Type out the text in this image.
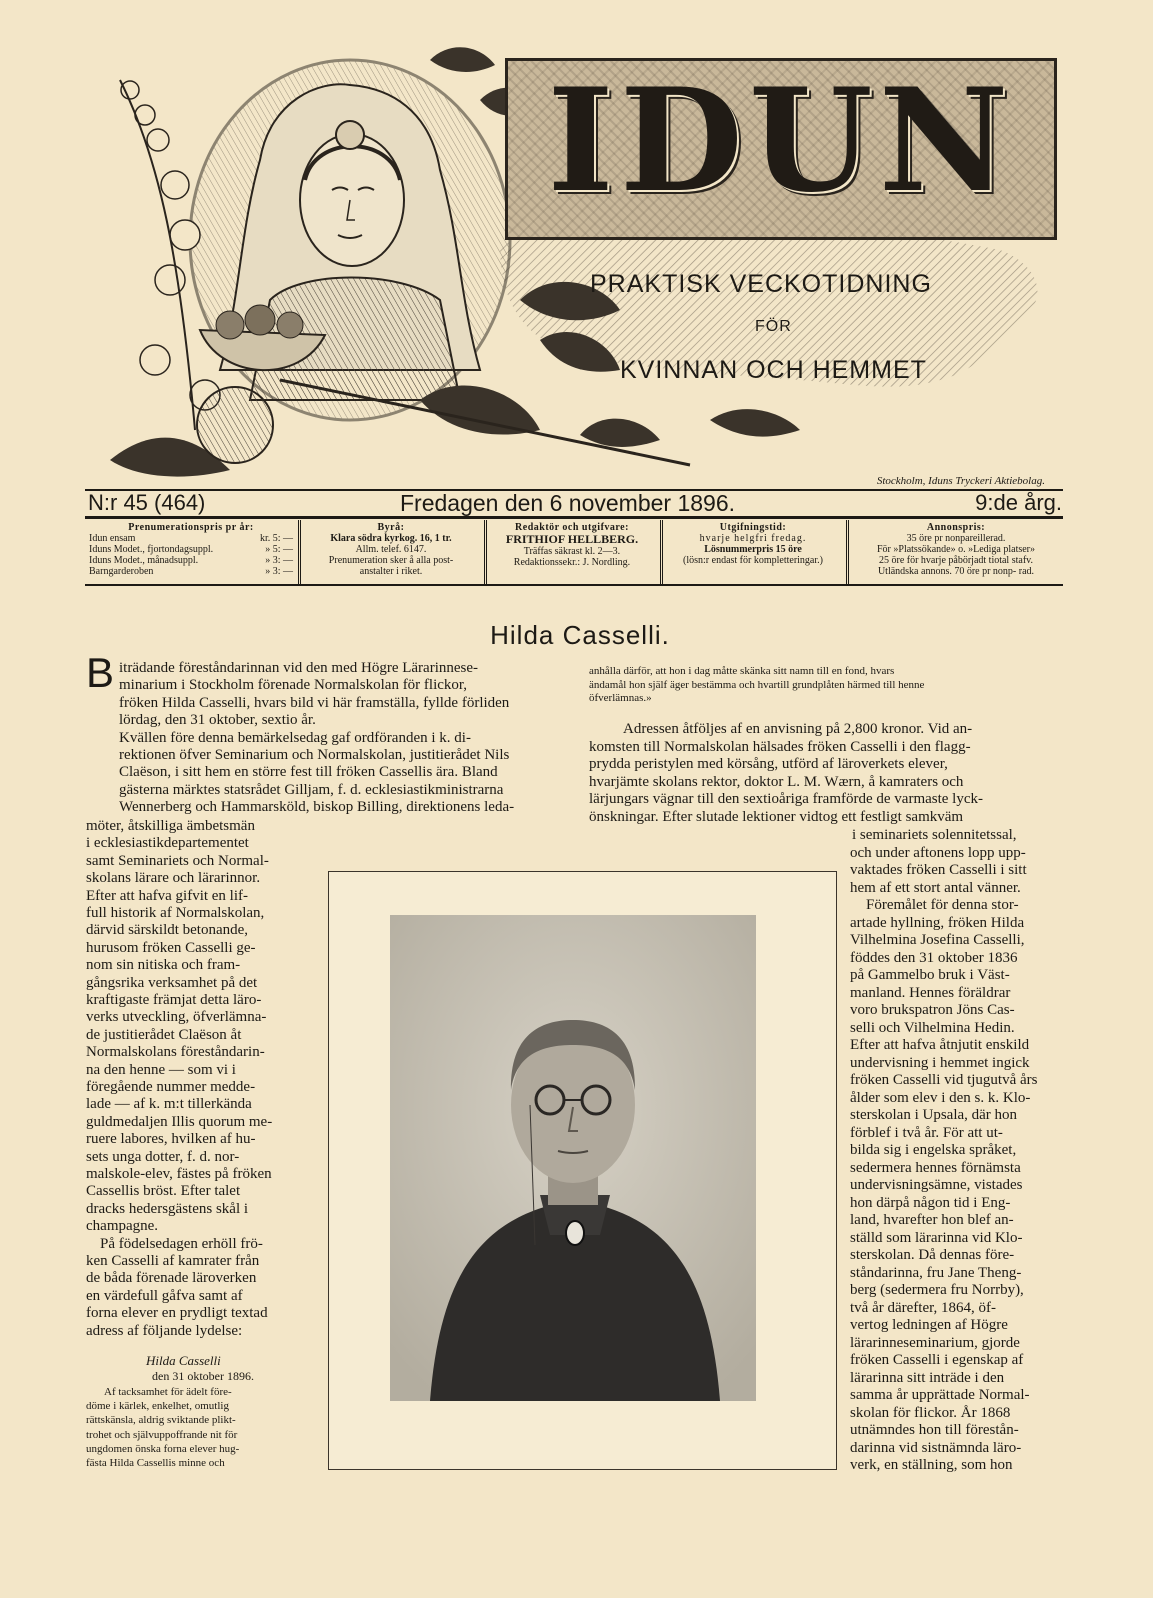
IDUN
PRAKTISK VECKOTIDNING
FÖR
KVINNAN OCH HEMMET
Stockholm, Iduns Tryckeri Aktiebolag.
N:r 45 (464)	Fredagen den 6 november 1896.	9:de årg.
Prenumerationspris pr år:
Idun ensam	kr. 5: —
Iduns Modet., fjortondagsuppl.	» 5: —
Iduns Modet., månadsuppl.	» 3: —
Barngarderoben	» 3: —
Byrå:
Klara södra kyrkog. 16, 1 tr.
Allm. telef. 6147.
Prenumeration sker å alla post-
anstalter i riket.
Redaktör och utgifvare:
FRITHIOF HELLBERG.
Träffas säkrast kl. 2—3.
Redaktionssekr.: J. Nordling.
Utgifningstid:
hvarje helgfri fredag.
Lösnummerpris 15 öre
(lösn:r endast för kompletteringar.)
Annonspris:
35 öre pr nonpareillerad.
För »Platssökande» o. »Lediga platser»
25 öre för hvarje påbörjadt tiotal stafv.
Utländska annons. 70 öre pr nonp- rad.
Hilda Casselli.
B iträdande föreståndarinnan vid den med Högre Lärarinnese-
minarium i Stockholm förenade Normalskolan för flickor,
fröken Hilda Casselli, hvars bild vi här framställa, fyllde förliden
lördag, den 31 oktober, sextio år.
Kvällen före denna bemärkelsedag gaf ordföranden i k. di-
rektionen öfver Seminarium och Normalskolan, justitierådet Nils
Claëson, i sitt hem en större fest till fröken Cassellis ära. Bland
gästerna märktes statsrådet Gilljam, f. d. ecklesiastikministrarna
Wennerberg och Hammarsköld, biskop Billing, direktionens leda-
möter, åtskilliga ämbetsmän
i ecklesiastikdepartementet
samt Seminariets och Normal-
skolans lärare och lärarinnor.
Efter att hafva gifvit en lif-
full historik af Normalskolan,
därvid särskildt betonande,
hurusom fröken Casselli ge-
nom sin nitiska och fram-
gångsrika verksamhet på det
kraftigaste främjat detta läro-
verks utveckling, öfverlämna-
de justitierådet Claëson åt
Normalskolans föreståndarin-
na den henne — som vi i
föregående nummer medde-
lade — af k. m:t tillerkända
guldmedaljen Illis quorum me-
ruere labores, hvilken af hu-
sets unga dotter, f. d. nor-
malskole-elev, fästes på fröken
Cassellis bröst. Efter talet
dracks hedersgästens skål i
champagne.
På födelsedagen erhöll frö-
ken Casselli af kamrater från
de båda förenade läroverken
en värdefull gåfva samt af
forna elever en prydligt textad
adress af följande lydelse:
Hilda Casselli
den 31 oktober 1896.
Af tacksamhet för ädelt före-
döme i kärlek, enkelhet, omutlig
rättskänsla, aldrig sviktande plikt-
trohet och självuppoffrande nit för
ungdomen önska forna elever hug-
fästa Hilda Cassellis minne och
anhålla därför, att hon i dag måtte skänka sitt namn till en fond, hvars
ändamål hon själf äger bestämma och hvartill grundplåten härmed till henne
öfverlämnas.»
Adressen åtföljes af en anvisning på 2,800 kronor. Vid an-
komsten till Normalskolan hälsades fröken Casselli i den flagg-
prydda peristylen med körsång, utförd af läroverkets elever,
hvarjämte skolans rektor, doktor L. M. Wærn, å kamraters och
lärjungars vägnar till den sextioåriga framförde de varmaste lyck-
önskningar. Efter slutade lektioner vidtog ett festligt samkväm
i seminariets solennitetssal,
och under aftonens lopp upp-
vaktades fröken Casselli i sitt
hem af ett stort antal vänner.
Föremålet för denna stor-
artade hyllning, fröken Hilda
Vilhelmina Josefina Casselli,
föddes den 31 oktober 1836
på Gammelbo bruk i Väst-
manland. Hennes föräldrar
voro brukspatron Jöns Cas-
selli och Vilhelmina Hedin.
Efter att hafva åtnjutit enskild
undervisning i hemmet ingick
fröken Casselli vid tjugutvå års
ålder som elev i den s. k. Klo-
sterskolan i Upsala, där hon
förblef i två år. För att ut-
bilda sig i engelska språket,
sedermera hennes förnämsta
undervisningsämne, vistades
hon därpå någon tid i Eng-
land, hvarefter hon blef an-
ställd som lärarinna vid Klo-
sterskolan. Då dennas före-
ståndarinna, fru Jane Theng-
berg (sedermera fru Norrby),
två år därefter, 1864, öf-
vertog ledningen af Högre
lärarinneseminarium, gjorde
fröken Casselli i egenskap af
lärarinna sitt inträde i den
samma år upprättade Normal-
skolan för flickor. År 1868
utnämndes hon till förestån-
darinna vid sistnämnda läro-
verk, en ställning, som hon
